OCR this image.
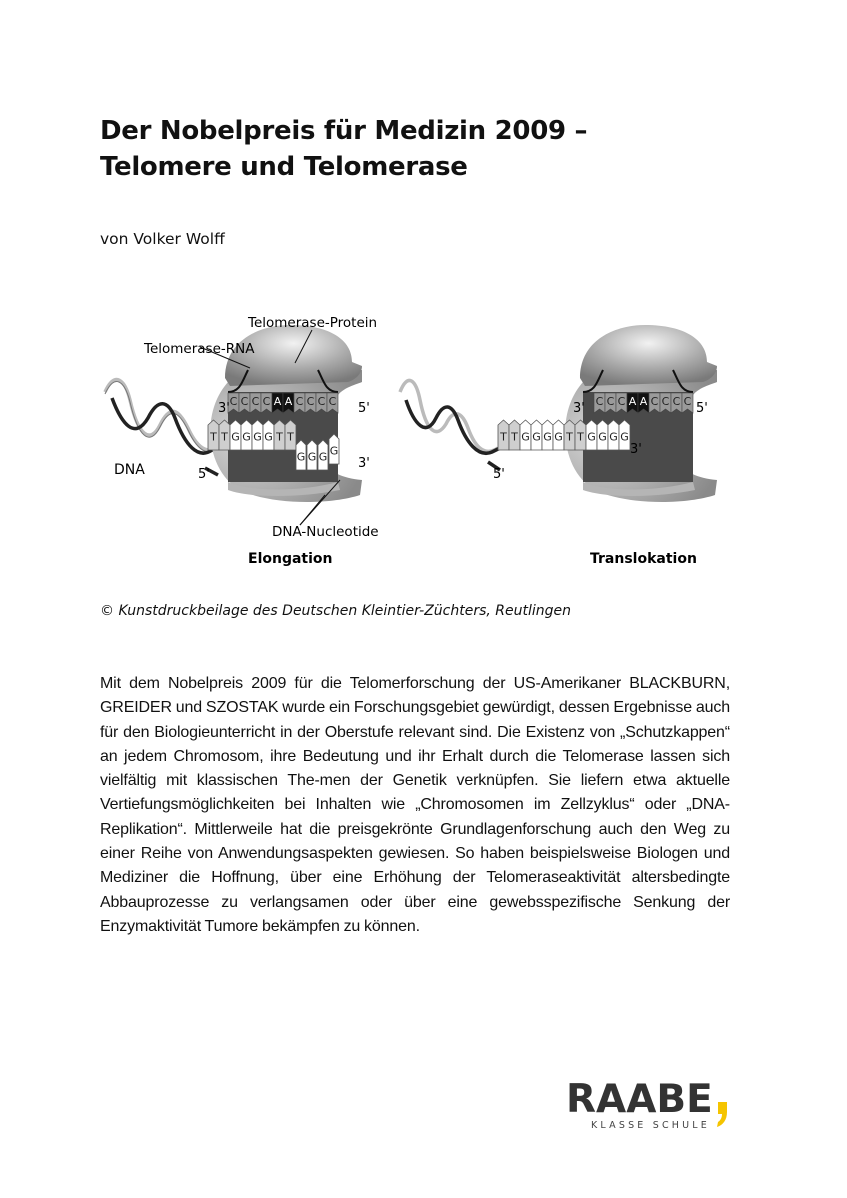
Der Nobelpreis für Medizin 2009 –
Telomere und Telomerase
von Volker Wolff
C C C C A A C C C C
T T G G G G T T
G G G G
Telomerase-Protein
Telomerase-RNA
DNA	5'
3'	5'
3'
DNA-Nucleotide
Elongation
C C C A A C C C C
T T G G G G T T G G G G
3'	5'
3'
5'
Translokation
© Kunstdruckbeilage des Deutschen Kleintier-Züchters, Reutlingen
Mit dem Nobelpreis 2009 für die Telomerforschung der US-Amerikaner BLACKBURN, GREIDER und SZOSTAK wurde ein Forschungsgebiet gewürdigt, dessen Ergebnisse auch für den Biologieunterricht in der Oberstufe relevant sind. Die Existenz von „Schutzkappen“ an jedem Chromosom, ihre Bedeutung und ihr Erhalt durch die Telomerase lassen sich vielfältig mit klassischen The-men der Genetik verknüpfen. Sie liefern etwa aktuelle Vertiefungsmöglichkeiten bei Inhalten wie „Chromosomen im Zellzyklus“ oder „DNA-Replikation“. Mittlerweile hat die preisgekrönte Grundlagenforschung auch den Weg zu einer Reihe von Anwendungsaspekten gewiesen. So haben beispielsweise Biologen und Mediziner die Hoffnung, über eine Erhöhung der Telomeraseaktivität altersbedingte Abbauprozesse zu verlangsamen oder über eine gewebsspezifische Senkung der Enzymaktivität Tumore bekämpfen zu können.
RAABE
KLASSE SCHULE
